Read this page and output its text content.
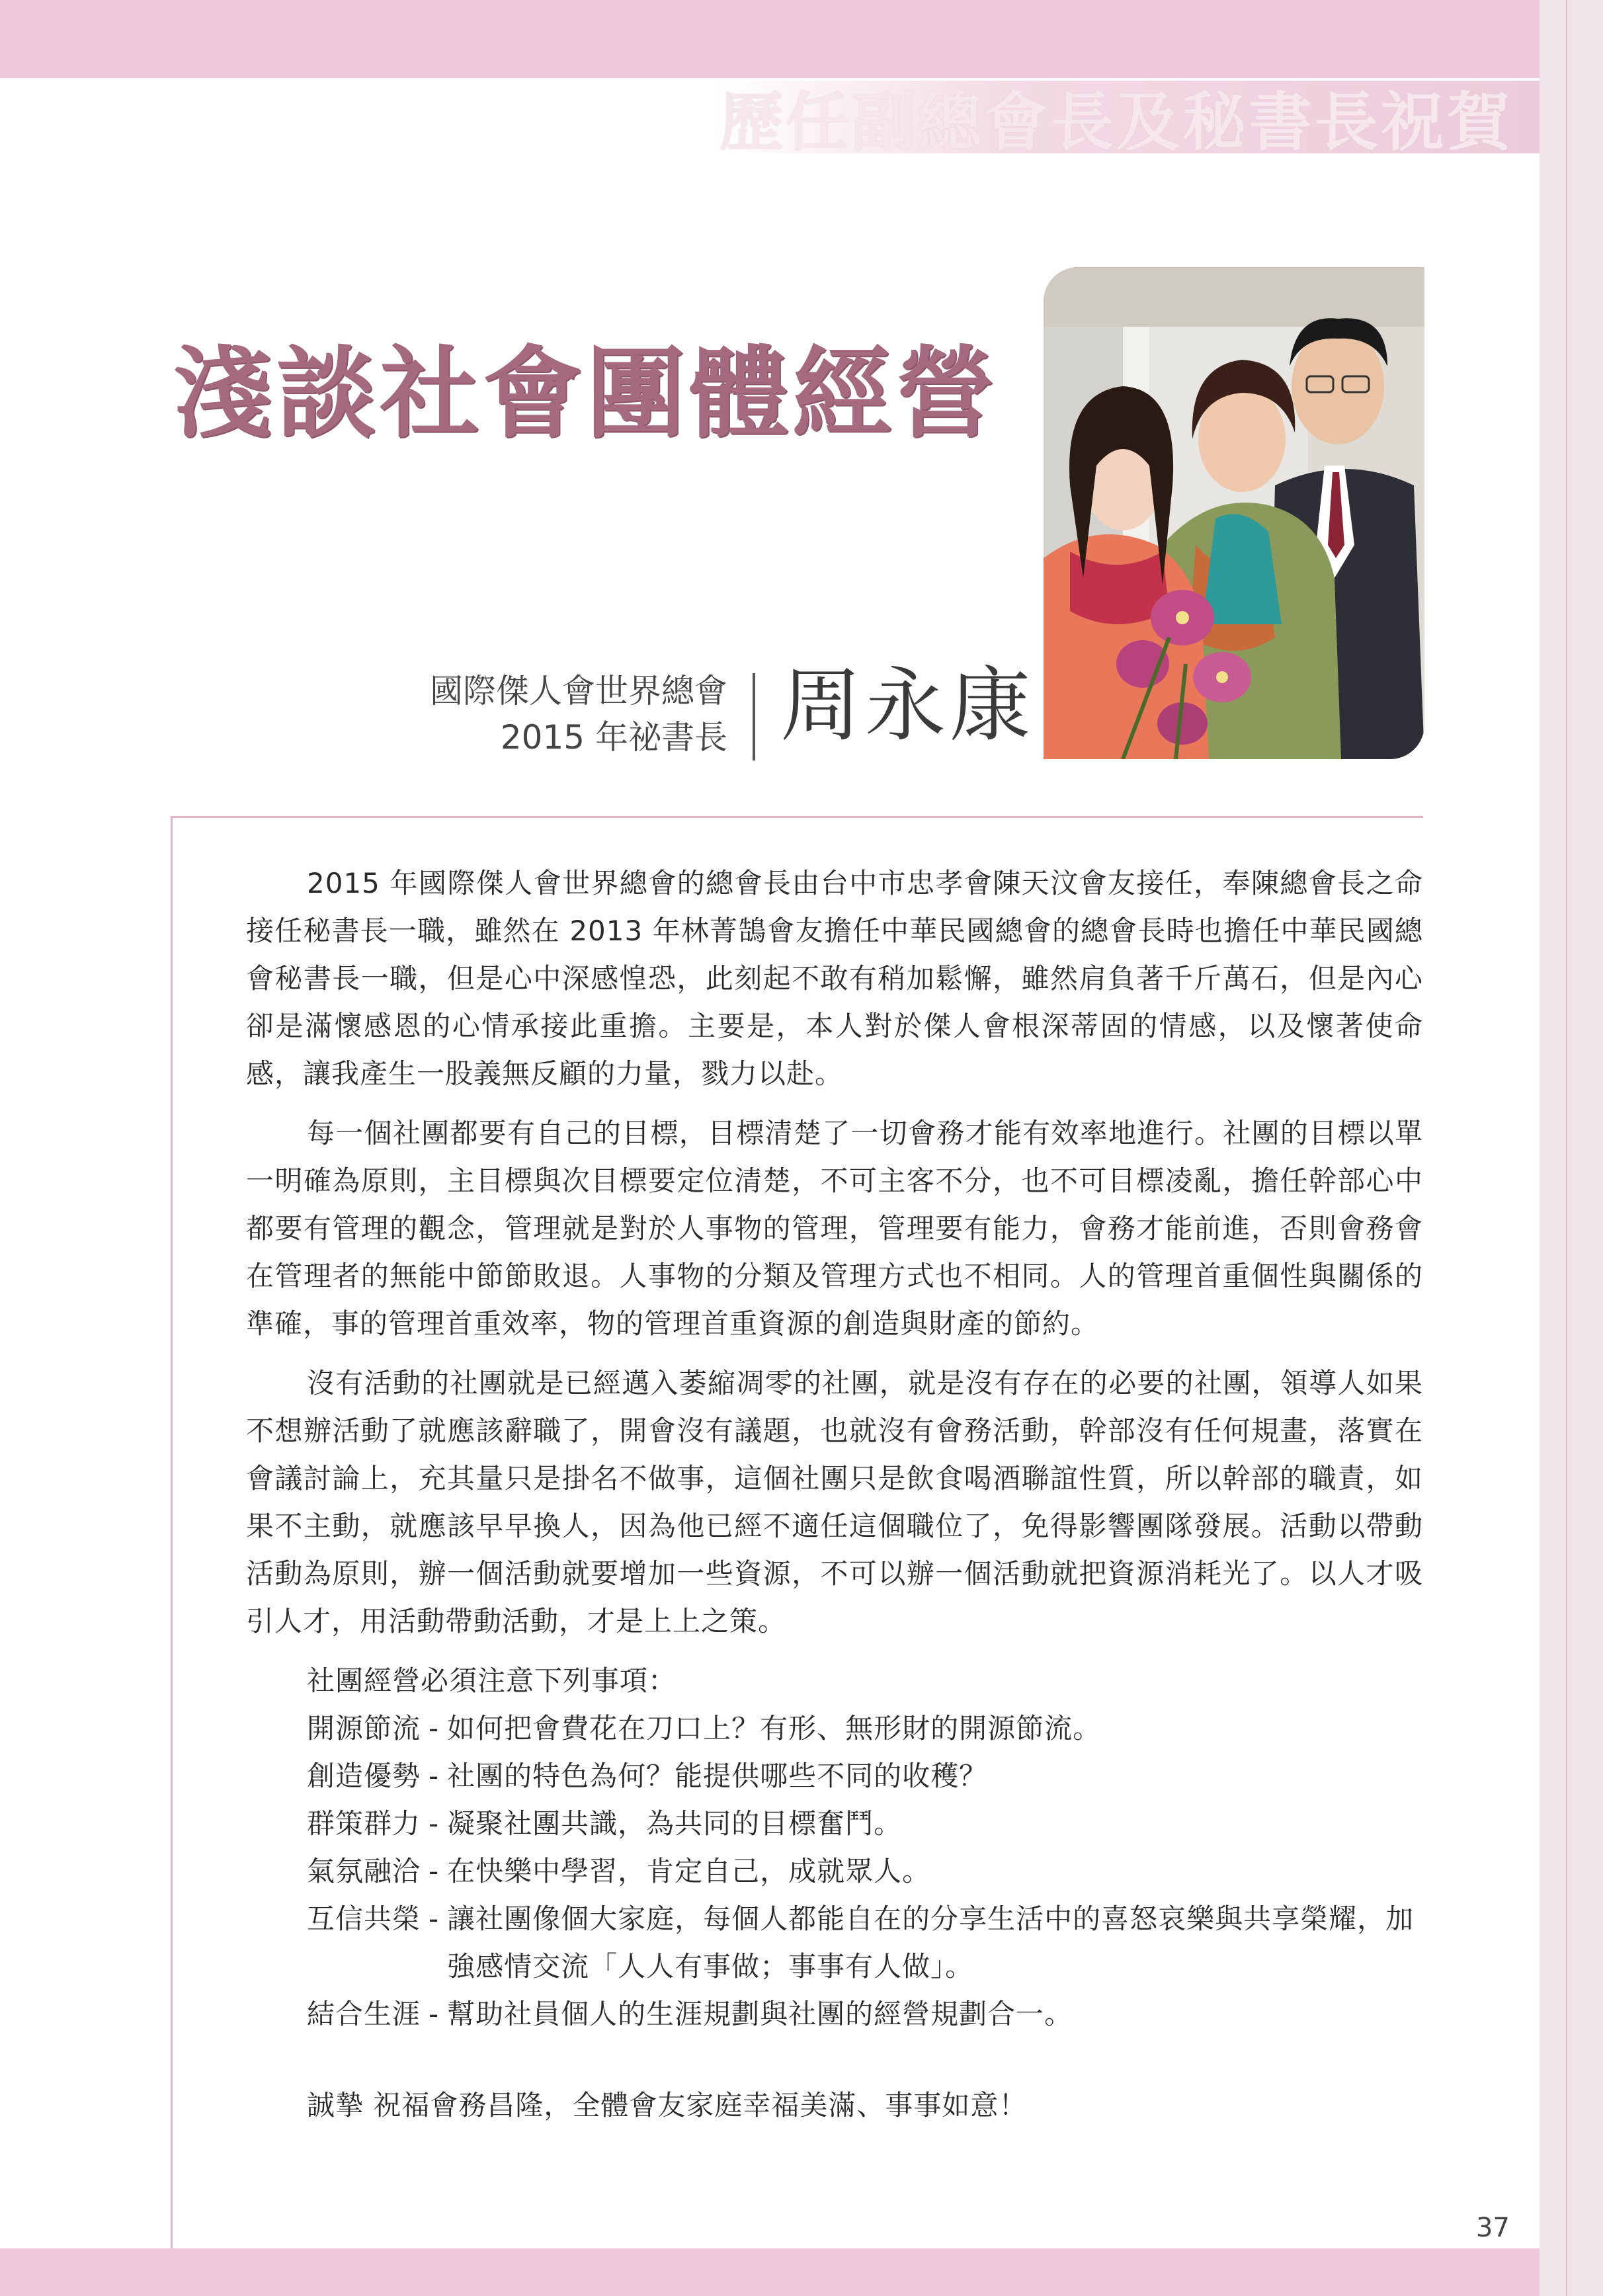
歷任副總會長及秘書長祝賀
淺談社會團體經營
國際傑人會世界總會
2015 年祕書長 周永康

2015 年國際傑人會世界總會的總會長由台中市忠孝會陳天汶會友接任，奉陳總會長之命接任秘書長一職，雖然在 2013 年林菁鵠會友擔任中華民國總會的總會長時也擔任中華民國總會秘書長一職，但是心中深感惶恐，此刻起不敢有稍加鬆懈，雖然肩負著千斤萬石，但是內心卻是滿懷感恩的心情承接此重擔。主要是，本人對於傑人會根深蒂固的情感，以及懷著使命感，讓我產生一股義無反顧的力量，戮力以赴。

每一個社團都要有自己的目標，目標清楚了一切會務才能有效率地進行。社團的目標以單一明確為原則，主目標與次目標要定位清楚，不可主客不分，也不可目標凌亂，擔任幹部心中都要有管理的觀念，管理就是對於人事物的管理，管理要有能力，會務才能前進，否則會務會在管理者的無能中節節敗退。人事物的分類及管理方式也不相同。人的管理首重個性與關係的準確，事的管理首重效率，物的管理首重資源的創造與財產的節約。

沒有活動的社團就是已經邁入萎縮凋零的社團，就是沒有存在的必要的社團，領導人如果不想辦活動了就應該辭職了，開會沒有議題，也就沒有會務活動，幹部沒有任何規畫，落實在會議討論上，充其量只是掛名不做事，這個社團只是飲食喝酒聯誼性質，所以幹部的職責，如果不主動，就應該早早換人，因為他已經不適任這個職位了，免得影響團隊發展。活動以帶動活動為原則，辦一個活動就要增加一些資源，不可以辦一個活動就把資源消耗光了。以人才吸引人才，用活動帶動活動，才是上上之策。

社團經營必須注意下列事項：
開源節流 - 如何把會費花在刀口上？有形、無形財的開源節流。
創造優勢 - 社團的特色為何？能提供哪些不同的收穫？
群策群力 - 凝聚社團共識，為共同的目標奮鬥。
氣氛融洽 - 在快樂中學習，肯定自己，成就眾人。
互信共榮 - 讓社團像個大家庭，每個人都能自在的分享生活中的喜怒哀樂與共享榮耀，加強感情交流「人人有事做；事事有人做」。
結合生涯 - 幫助社員個人的生涯規劃與社團的經營規劃合一。
誠摯 祝福會務昌隆，全體會友家庭幸福美滿、事事如意！
37
